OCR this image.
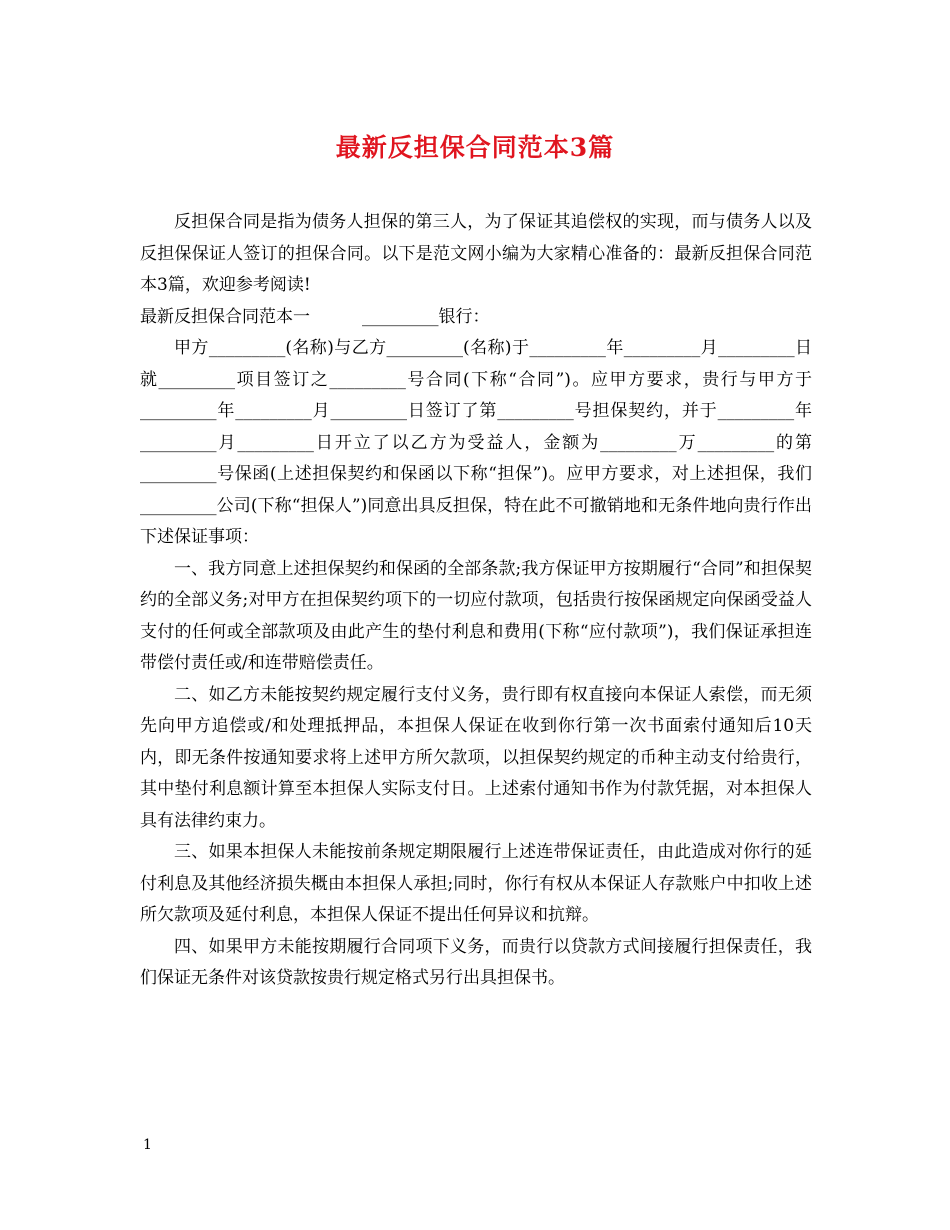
最新反担保合同范本3篇

反担保合同是指为债务人担保的第三人，为了保证其追偿权的实现，而与债务人以及反担保保证人签订的担保合同。以下是范文网小编为大家精心准备的：最新反担保合同范本3篇，欢迎参考阅读!

最新反担保合同范本一	_________银行：

甲方_________(名称)与乙方_________(名称)于_________年_________月_________日就_________项目签订之_________号合同(下称“合同”)。应甲方要求，贵行与甲方于_________年_________月_________日签订了第_________号担保契约，并于_________年_________月_________日开立了以乙方为受益人，金额为_________万_________的第_________号保函(上述担保契约和保函以下称“担保”)。应甲方要求，对上述担保，我们_________公司(下称“担保人”)同意出具反担保，特在此不可撤销地和无条件地向贵行作出下述保证事项：

一、我方同意上述担保契约和保函的全部条款;我方保证甲方按期履行“合同”和担保契约的全部义务;对甲方在担保契约项下的一切应付款项，包括贵行按保函规定向保函受益人支付的任何或全部款项及由此产生的垫付利息和费用(下称“应付款项”)，我们保证承担连带偿付责任或/和连带赔偿责任。

二、如乙方未能按契约规定履行支付义务，贵行即有权直接向本保证人索偿，而无须先向甲方追偿或/和处理抵押品，本担保人保证在收到你行第一次书面索付通知后10天内，即无条件按通知要求将上述甲方所欠款项，以担保契约规定的币种主动支付给贵行，其中垫付利息额计算至本担保人实际支付日。上述索付通知书作为付款凭据，对本担保人具有法律约束力。

三、如果本担保人未能按前条规定期限履行上述连带保证责任，由此造成对你行的延付利息及其他经济损失概由本担保人承担;同时，你行有权从本保证人存款账户中扣收上述所欠款项及延付利息，本担保人保证不提出任何异议和抗辩。

四、如果甲方未能按期履行合同项下义务，而贵行以贷款方式间接履行担保责任，我们保证无条件对该贷款按贵行规定格式另行出具担保书。

1
